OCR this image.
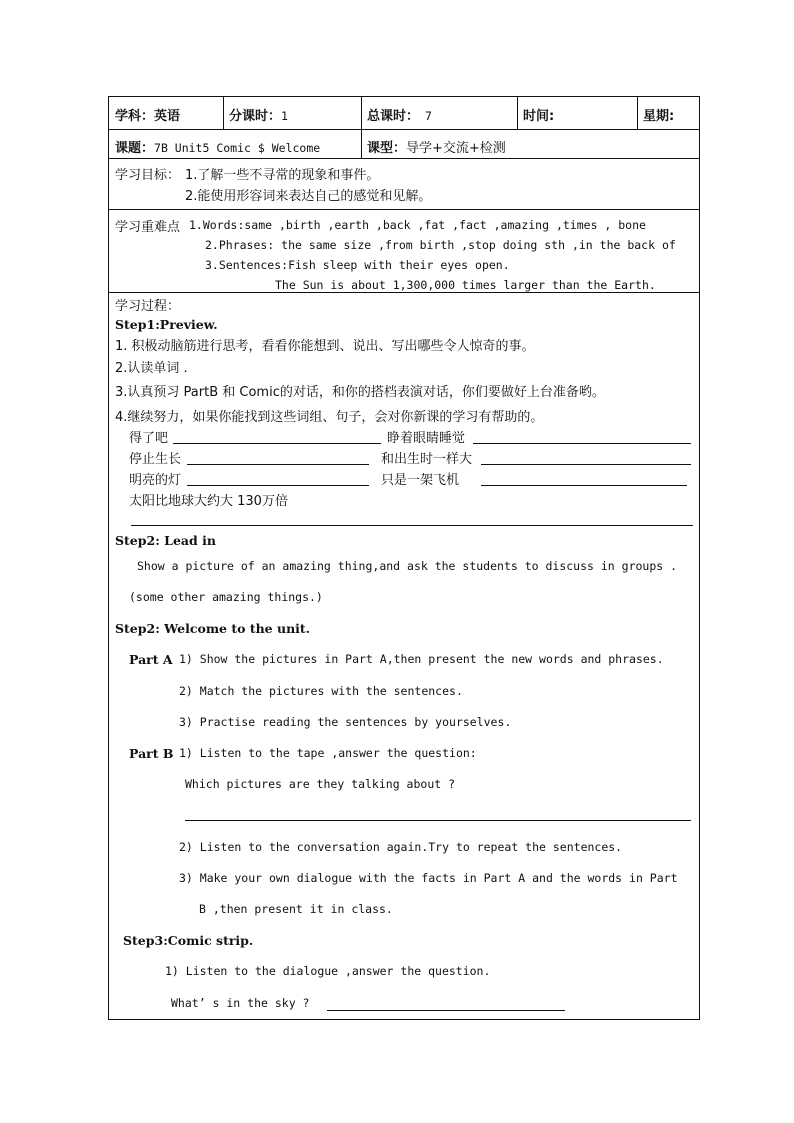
学科：英语	分课时：1	总课时： 7	时间:	星期:
课题：7B Unit5 Comic $ Welcome	课型：导学+交流+检测
学习目标： 1.了解一些不寻常的现象和事件。
2.能使用形容词来表达自己的感觉和见解。
学习重难点 1.Words:same ,birth ,earth ,back ,fat ,fact ,amazing ,times , bone
2.Phrases: the same size ,from birth ,stop doing sth ,in the back of
3.Sentences:Fish sleep with their eyes open.
The Sun is about 1,300,000 times larger than the Earth.
学习过程：
Step1:Preview.
1. 积极动脑筋进行思考，看看你能想到、说出、写出哪些令人惊奇的事。
2.认读单词 .
3.认真预习 PartB 和 Comic的对话，和你的搭档表演对话，你们要做好上台准备哟。
4.继续努力，如果你能找到这些词组、句子，会对你新课的学习有帮助的。
得了吧	睁着眼睛睡觉
停止生长	和出生时一样大
明亮的灯	只是一架飞机
太阳比地球大约大 130万倍
Step2: Lead in
Show a picture of an amazing thing,and ask the students to discuss in groups .
(some other amazing things.)
Step2: Welcome to the unit.
Part A 1) Show the pictures in Part A,then present the new words and phrases.
2) Match the pictures with the sentences.
3) Practise reading the sentences by yourselves.
Part B 1) Listen to the tape ,answer the question:
Which pictures are they talking about ?
2) Listen to the conversation again.Try to repeat the sentences.
3) Make your own dialogue with the facts in Part A and the words in Part
B ,then present it in class.
Step3:Comic strip.
1) Listen to the dialogue ,answer the question.
What’ s in the sky ?
